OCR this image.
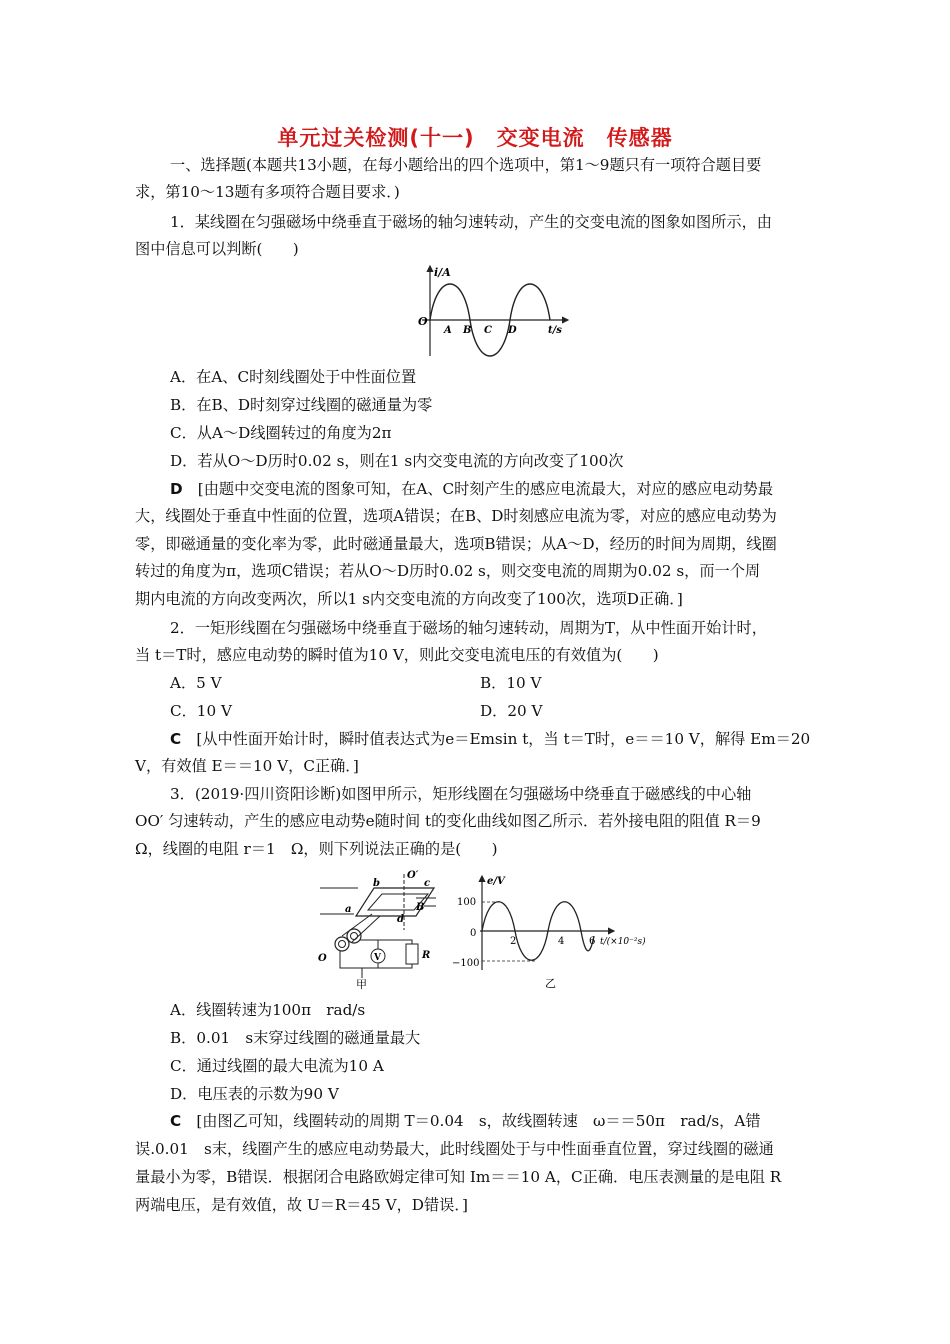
单元过关检测(十一)　交变电流　传感器
一、选择题(本题共13小题，在每小题给出的四个选项中，第1～9题只有一项符合题目要
求，第10～13题有多项符合题目要求．)
1．某线圈在匀强磁场中绕垂直于磁场的轴匀速转动，产生的交变电流的图象如图所示，由
图中信息可以判断(　　)
i/A
O
A B C D	t/s
A．在A、C时刻线圈处于中性面位置
B．在B、D时刻穿过线圈的磁通量为零
C．从A～D线圈转过的角度为2π
D．若从O～D历时0.02 s，则在1 s内交变电流的方向改变了100次
D  [由题中交变电流的图象可知，在A、C时刻产生的感应电流最大，对应的感应电动势最
大，线圈处于垂直中性面的位置，选项A错误；在B、D时刻感应电流为零，对应的感应电动势为
零，即磁通量的变化率为零，此时磁通量最大，选项B错误；从A～D，经历的时间为周期，线圈
转过的角度为π，选项C错误；若从O～D历时0.02 s，则交变电流的周期为0.02 s，而一个周
期内电流的方向改变两次，所以1 s内交变电流的方向改变了100次，选项D正确．]
2．一矩形线圈在匀强磁场中绕垂直于磁场的轴匀速转动，周期为T，从中性面开始计时，
当 t＝T时，感应电动势的瞬时值为10 V，则此交变电流电压的有效值为(　　)
A．5 V	B．10 V
C．10 V	D．20 V
C  [从中性面开始计时，瞬时值表达式为e＝Emsin t，当 t＝T时，e＝＝10 V，解得 Em＝20
V，有效值 E＝＝10 V，C正确．]
3．(2019·四川资阳诊断)如图甲所示，矩形线圈在匀强磁场中绕垂直于磁感线的中心轴
OO′ 匀速转动，产生的感应电动势e随时间 t的变化曲线如图乙所示．若外接电阻的阻值 R＝9
Ω，线圈的电阻 r＝1　Ω，则下列说法正确的是(　　)
O′
b	c
B
a
d
O	V	R
甲
e/V
100
0
−100
2	4 6 t/(×10⁻²s)
乙
A．线圈转速为100π　rad/s
B．0.01　s末穿过线圈的磁通量最大
C．通过线圈的最大电流为10 A
D．电压表的示数为90 V
C  [由图乙可知，线圈转动的周期 T＝0.04　s，故线圈转速　ω＝＝50π　rad/s，A错
误.0.01　s末，线圈产生的感应电动势最大，此时线圈处于与中性面垂直位置，穿过线圈的磁通
量最小为零，B错误．根据闭合电路欧姆定律可知 Im＝＝10 A，C正确．电压表测量的是电阻 R
两端电压，是有效值，故 U＝R＝45 V，D错误．]
